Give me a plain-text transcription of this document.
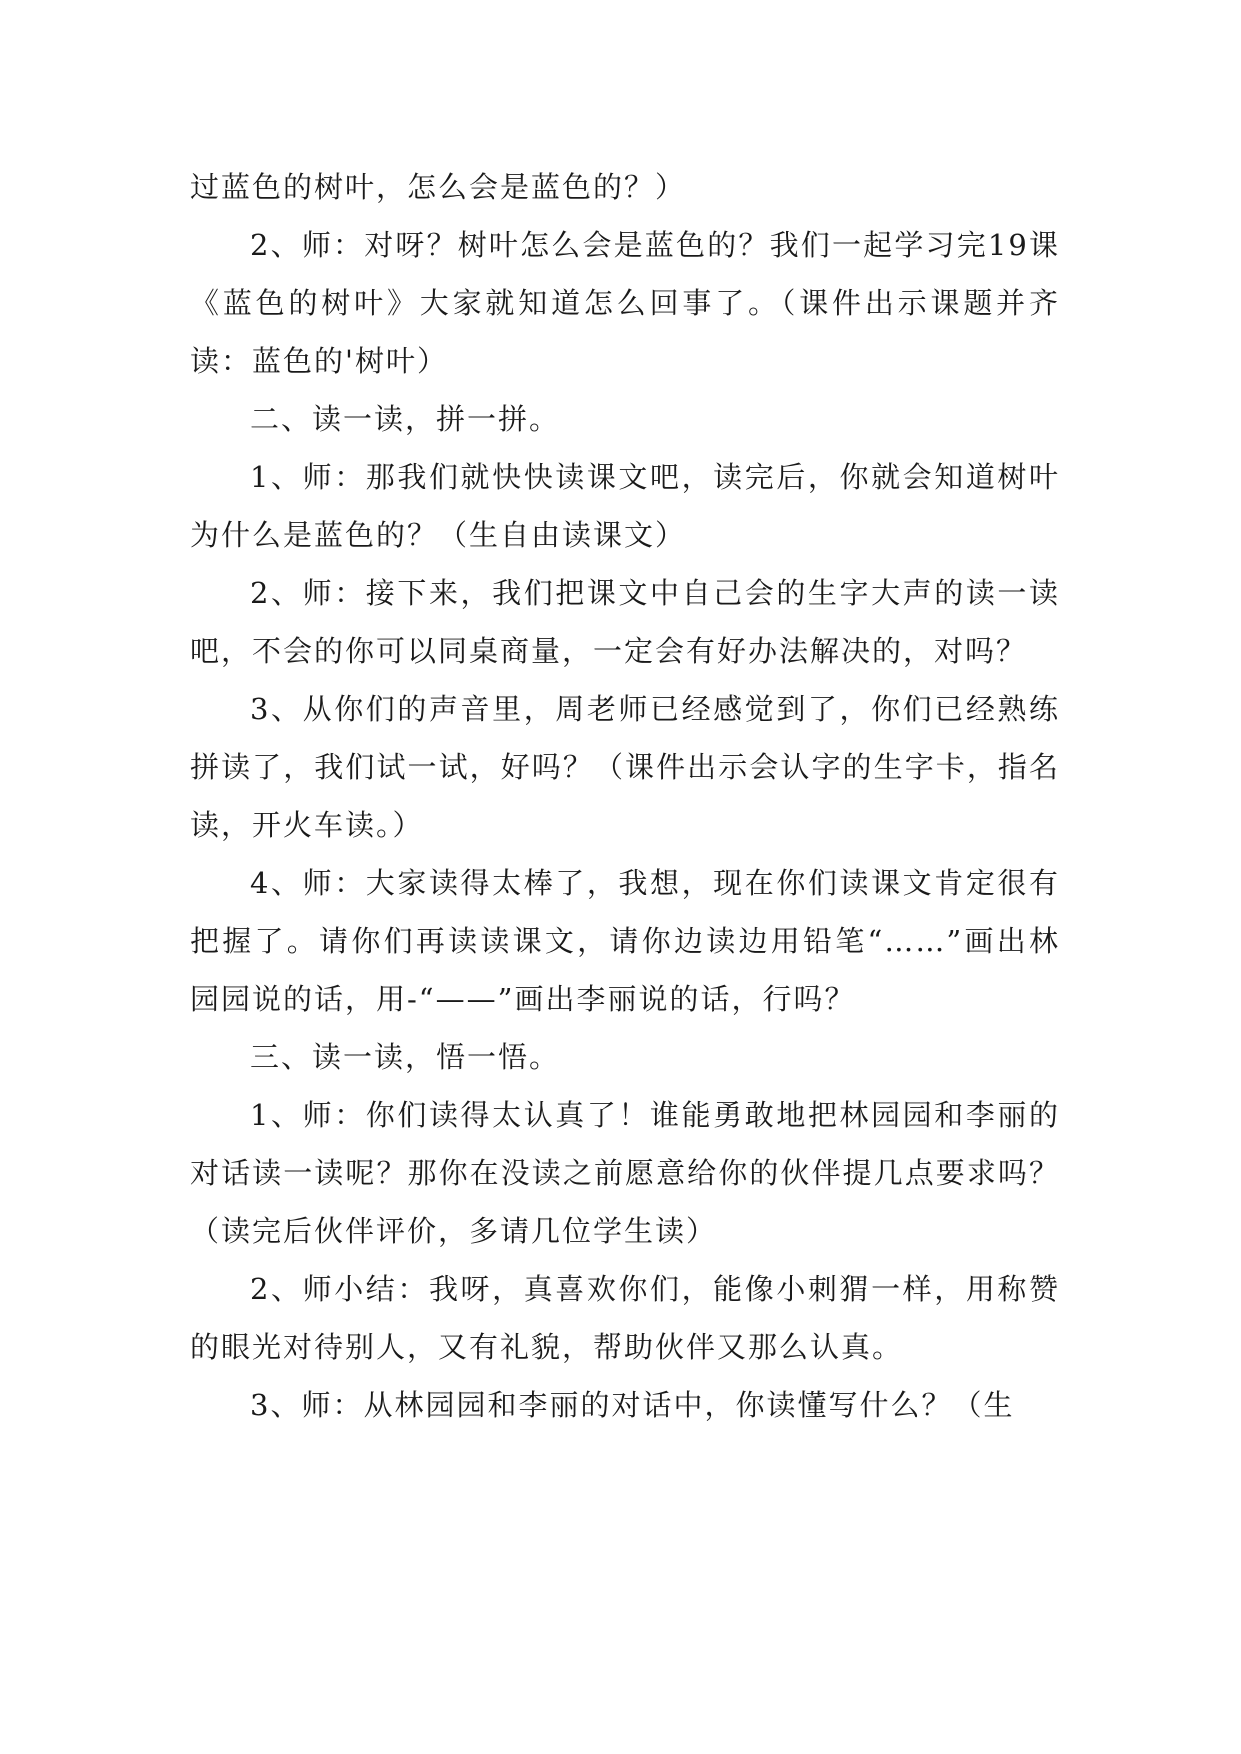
过蓝色的树叶，怎么会是蓝色的？）

2、师：对呀？树叶怎么会是蓝色的？我们一起学习完19课《蓝色的树叶》大家就知道怎么回事了。（课件出示课题并齐读：蓝色的'树叶）

二、读一读，拼一拼。

1、师：那我们就快快读课文吧，读完后，你就会知道树叶为什么是蓝色的？（生自由读课文）

2、师：接下来，我们把课文中自己会的生字大声的读一读吧，不会的你可以同桌商量，一定会有好办法解决的，对吗？

3、从你们的声音里，周老师已经感觉到了，你们已经熟练拼读了，我们试一试，好吗？（课件出示会认字的生字卡，指名读，开火车读。）

4、师：大家读得太棒了，我想，现在你们读课文肯定很有把握了。请你们再读读课文，请你边读边用铅笔“……”画出林园园说的话，用-“——”画出李丽说的话，行吗？

三、读一读，悟一悟。

1、师：你们读得太认真了！谁能勇敢地把林园园和李丽的对话读一读呢？那你在没读之前愿意给你的伙伴提几点要求吗？（读完后伙伴评价，多请几位学生读）

2、师小结：我呀，真喜欢你们，能像小刺猬一样，用称赞的眼光对待别人，又有礼貌，帮助伙伴又那么认真。

3、师：从林园园和李丽的对话中，你读懂写什么？（生
